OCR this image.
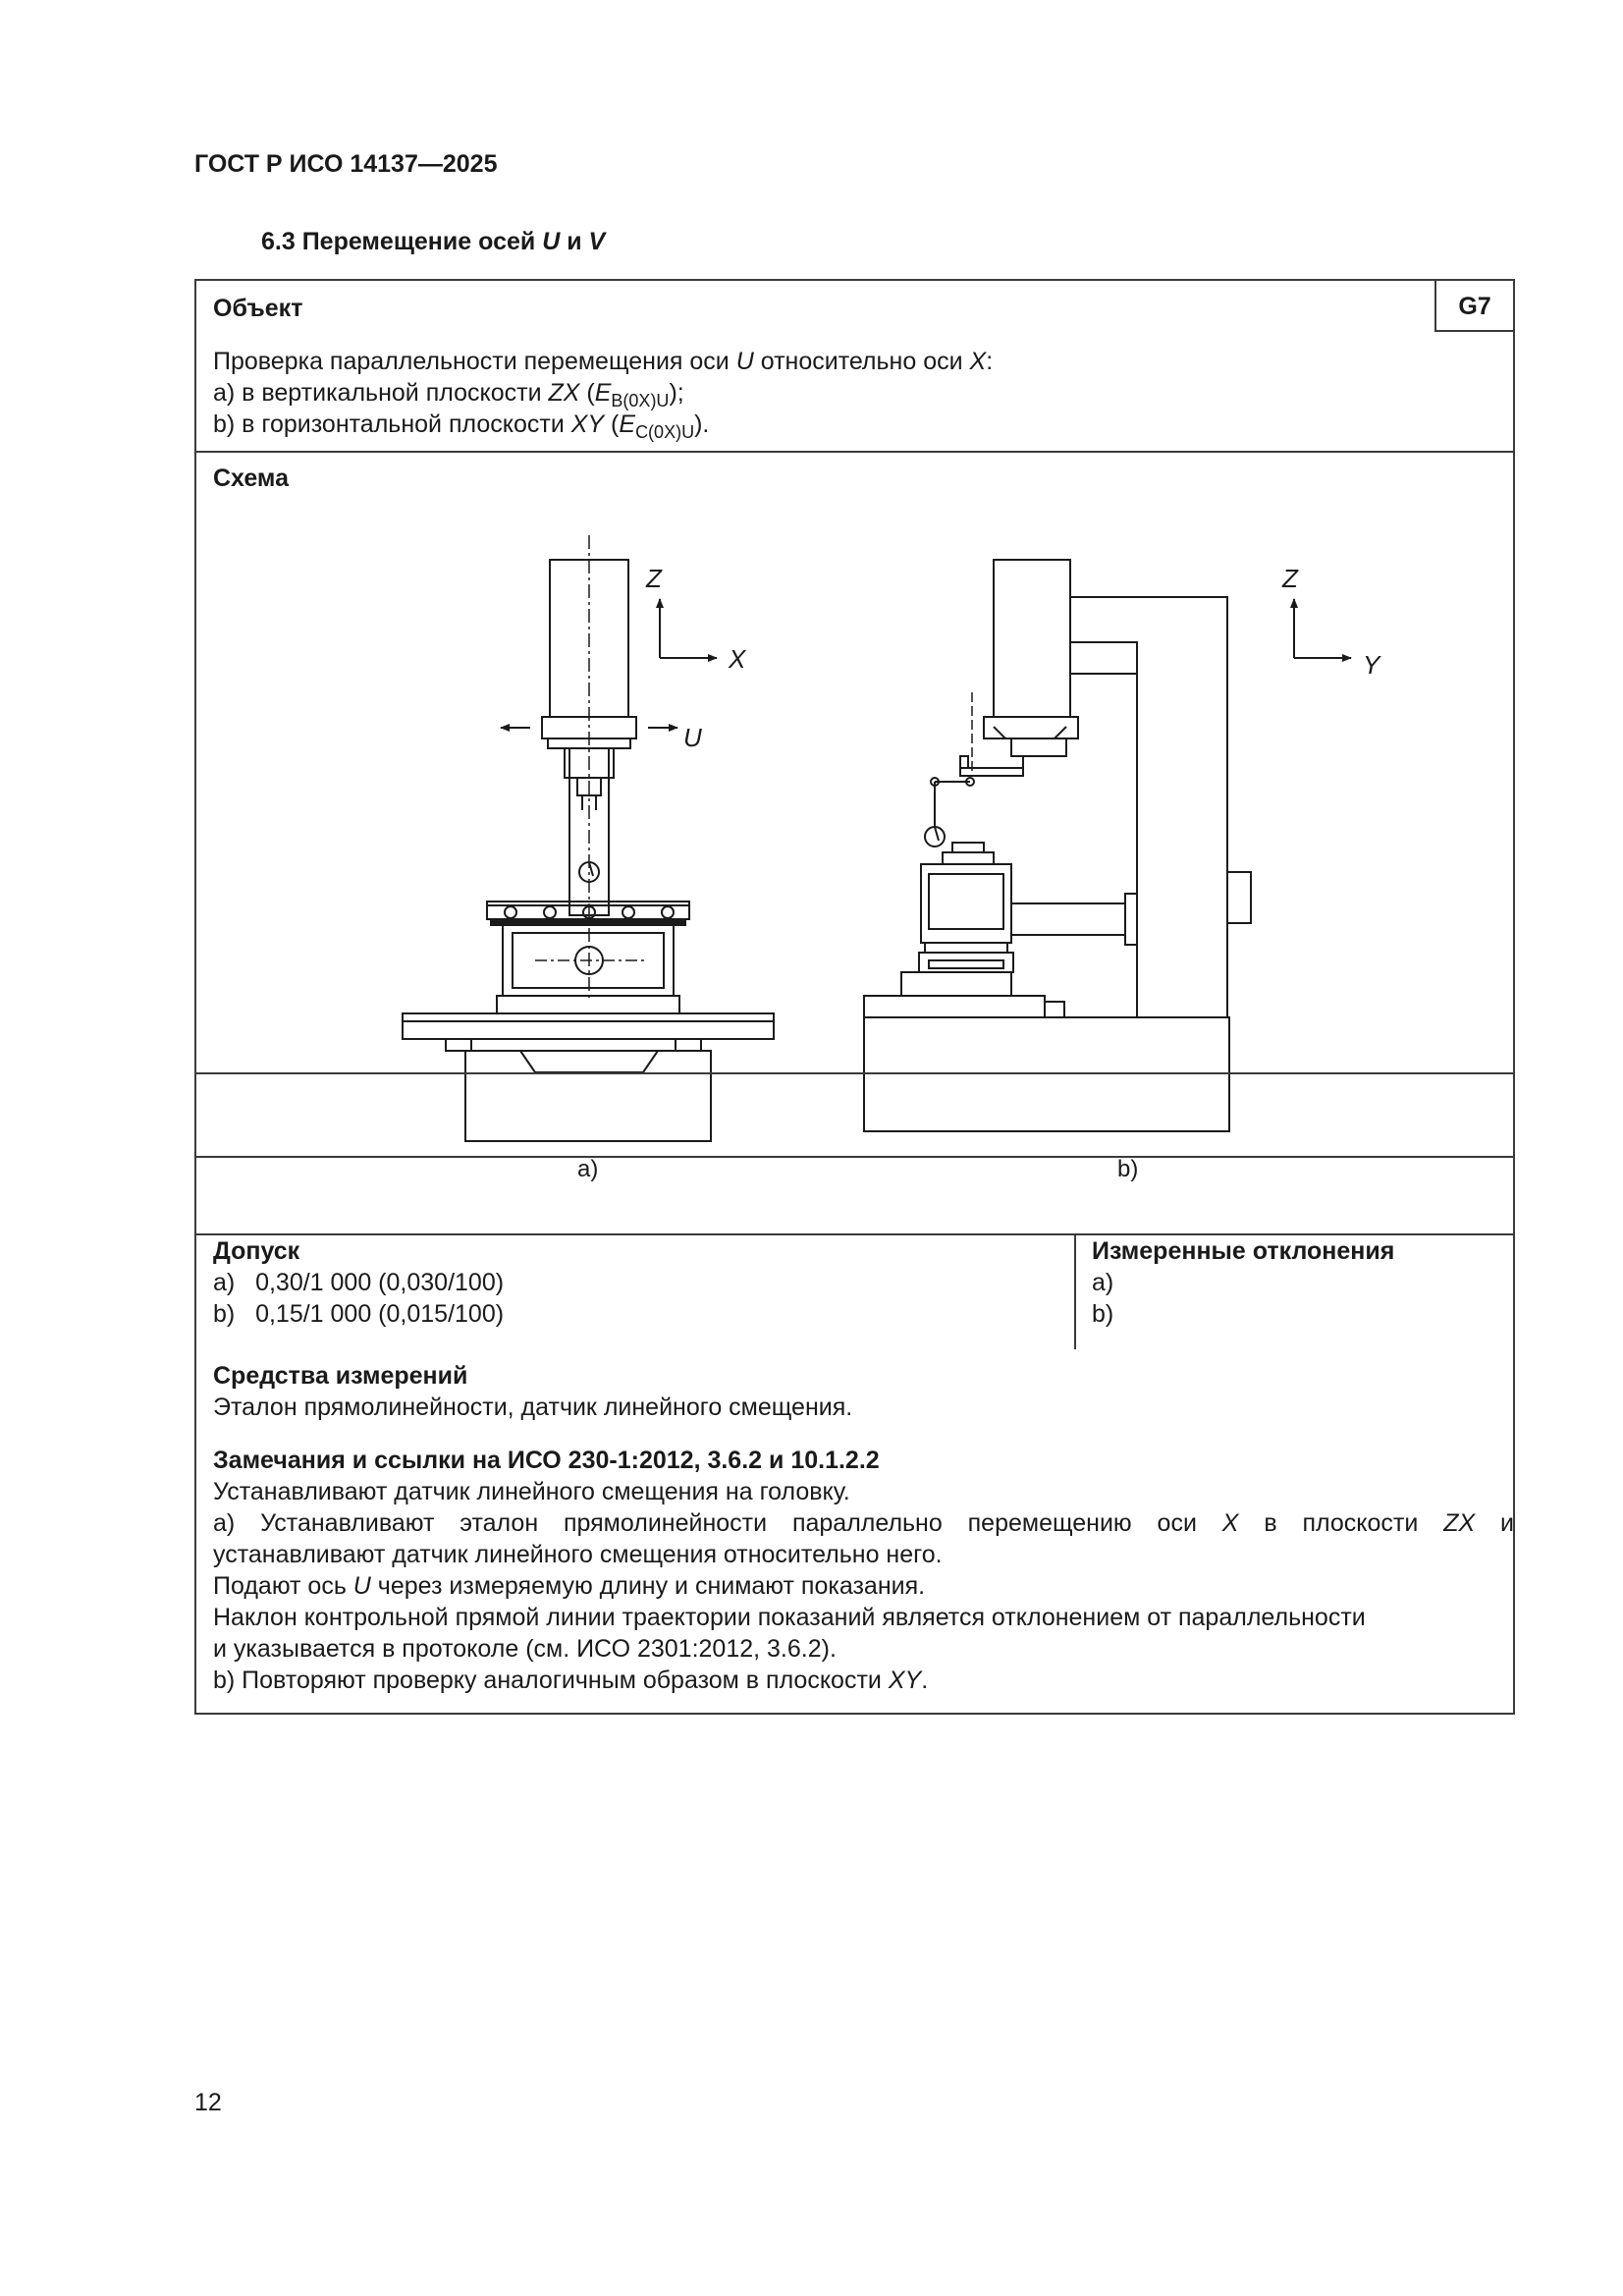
ГОСТ Р ИСО 14137—2025
6.3 Перемещение осей U и V
Объект	G7
Проверка параллельности перемещения оси U относительно оси X:
a) в вертикальной плоскости ZX $(E_{B(0X)U})$;
b) в горизонтальной плоскости XY $(E_{C(0X)U})$.
Схема
Z
X
U
Z
Y
a)	b)
Допуск
a)   0,30/1 000 (0,030/100)
b)   0,15/1 000 (0,015/100)
Измеренные отклонения
a)
b)
Средства измерений
Эталон прямолинейности, датчик линейного смещения.
Замечания и ссылки на ИСО 230-1:2012, 3.6.2 и 10.1.2.2
Устанавливают датчик линейного смещения на головку.
a) Устанавливают эталон прямолинейности параллельно перемещению оси X в плоскости ZX и
устанавливают датчик линейного смещения относительно него.
Подают ось U через измеряемую длину и снимают показания.
Наклон контрольной прямой линии траектории показаний является отклонением от параллельности
и указывается в протоколе (см. ИСО 2301:2012, 3.6.2).
b) Повторяют проверку аналогичным образом в плоскости XY.
12
